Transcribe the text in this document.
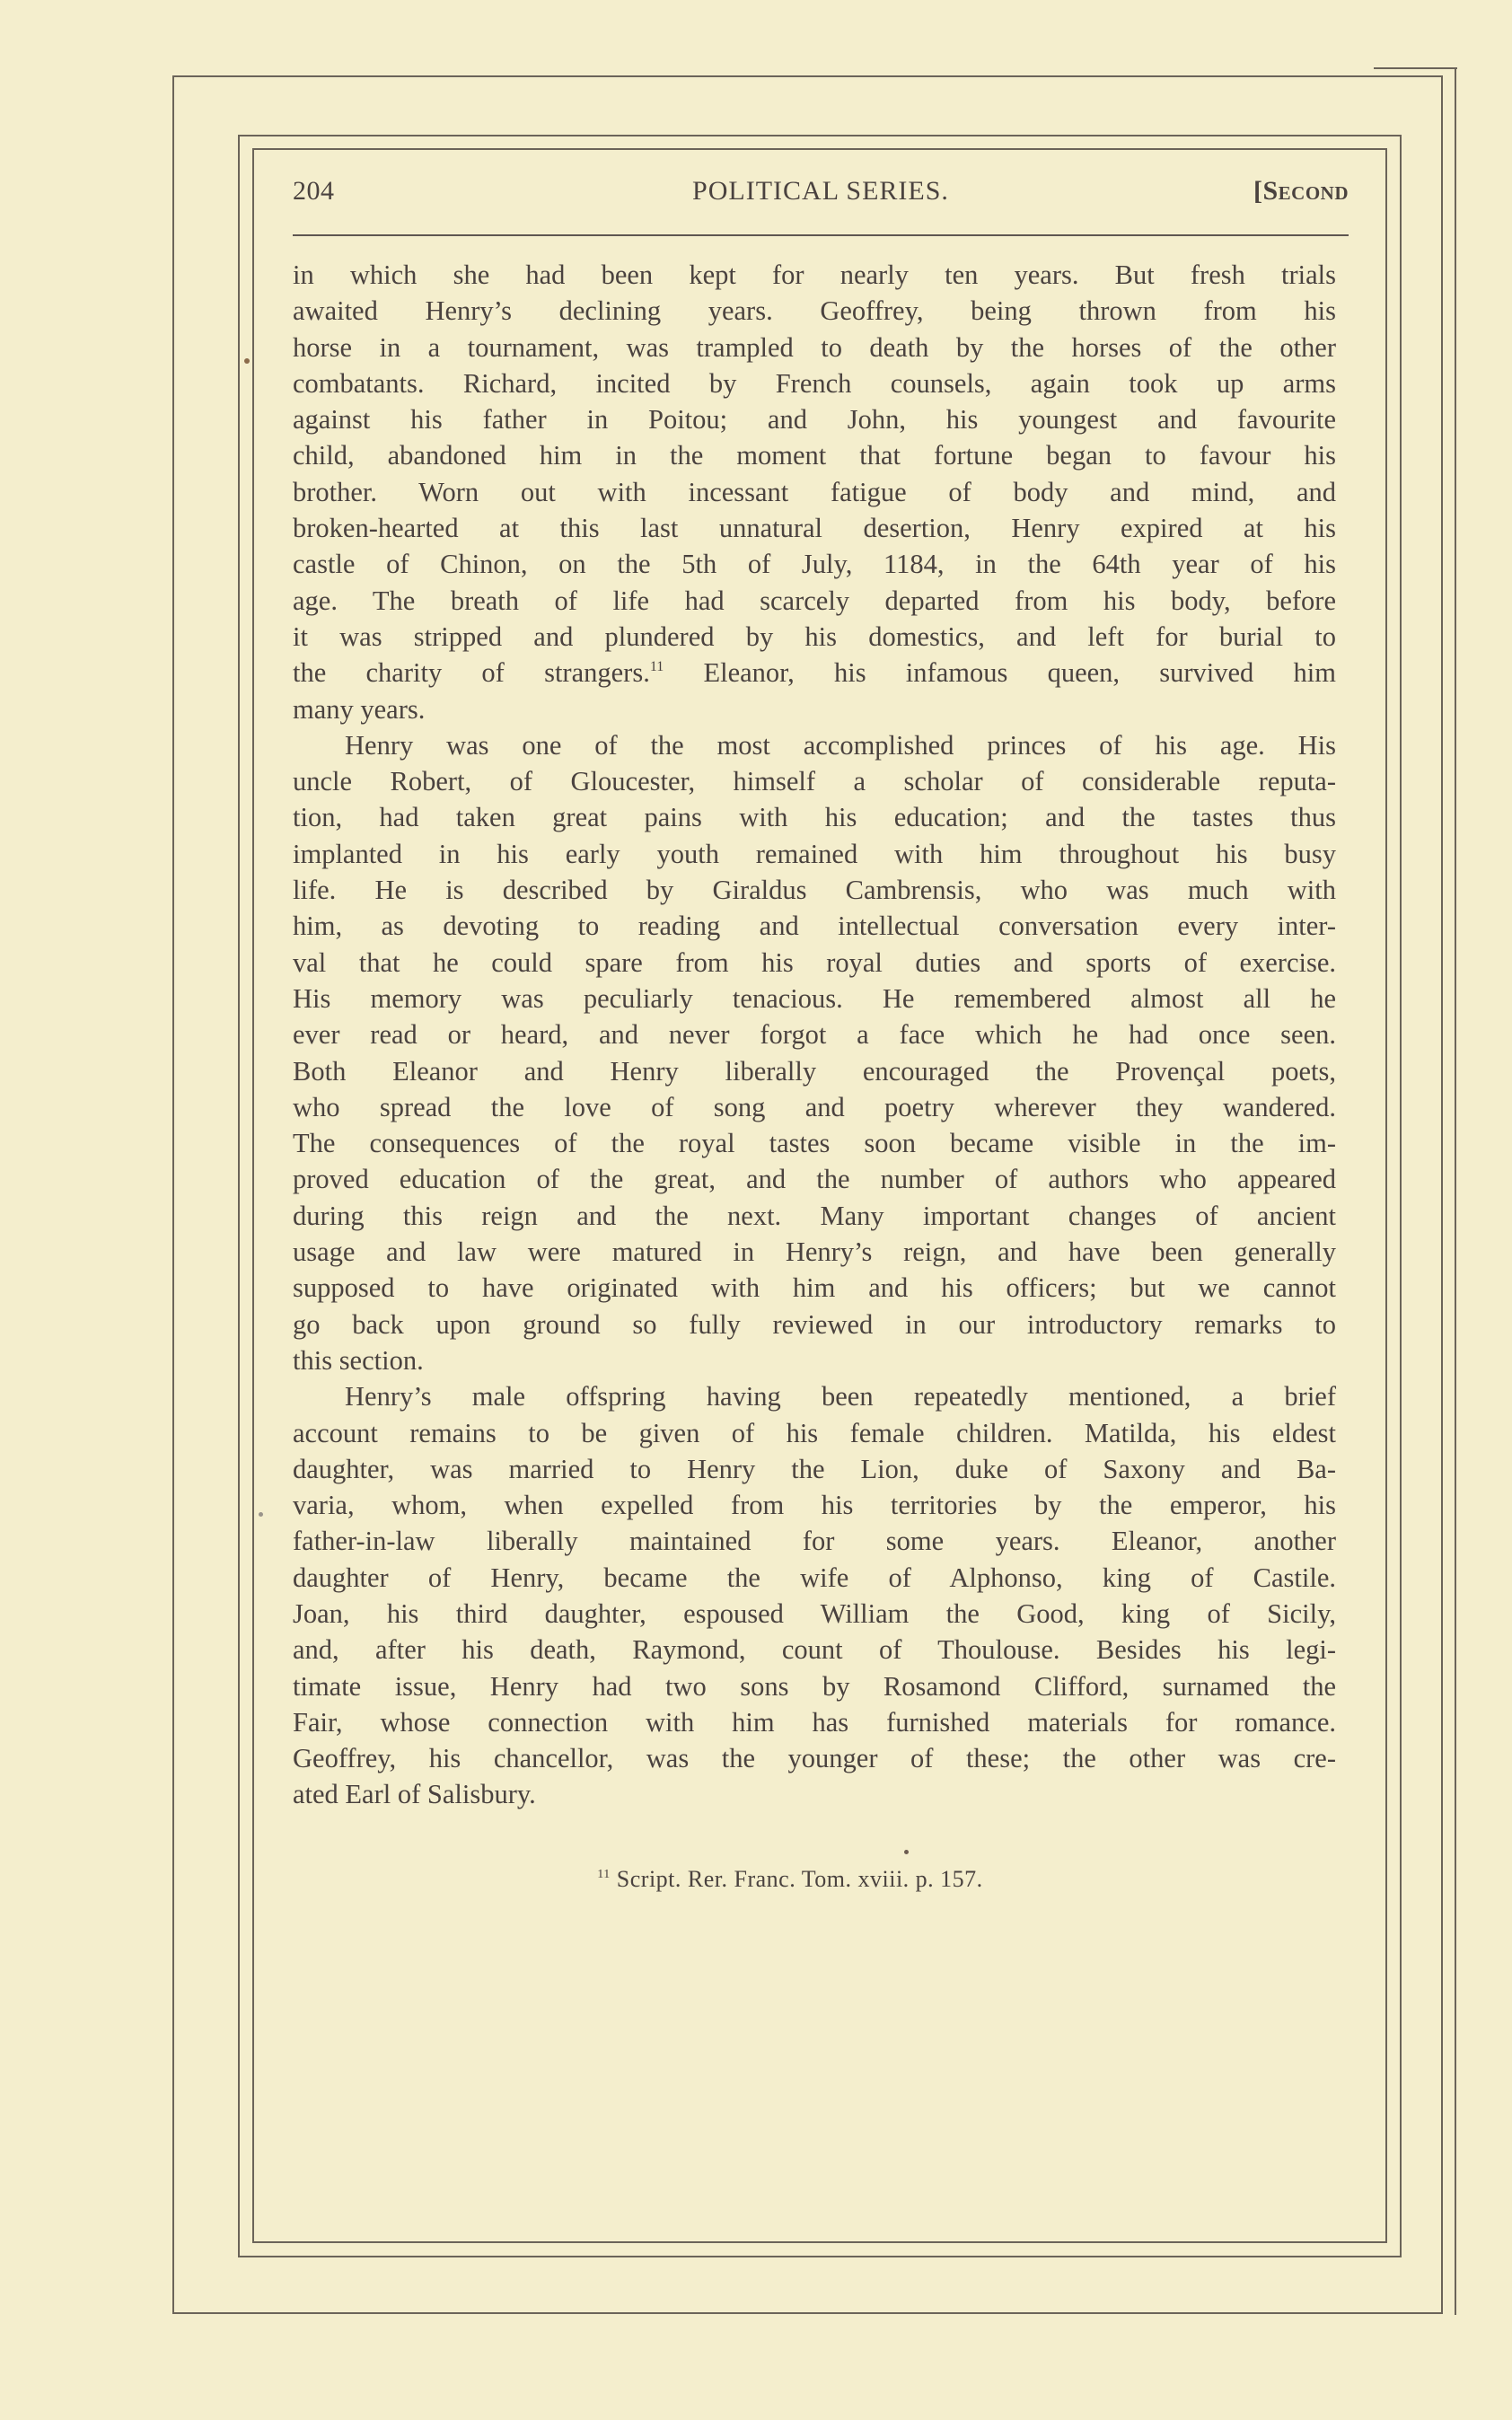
204	POLITICAL SERIES.	[Second
in which she had been kept for nearly ten years. But fresh trials
awaited Henry’s declining years. Geoffrey, being thrown from his
horse in a tournament, was trampled to death by the horses of the other
combatants. Richard, incited by French counsels, again took up arms
against his father in Poitou; and John, his youngest and favourite
child, abandoned him in the moment that fortune began to favour his
brother. Worn out with incessant fatigue of body and mind, and
broken-hearted at this last unnatural desertion, Henry expired at his
castle of Chinon, on the 5th of July, 1184, in the 64th year of his
age. The breath of life had scarcely departed from his body, before
it was stripped and plundered by his domestics, and left for burial to
the charity of strangers.$^{11}$ Eleanor, his infamous queen, survived him
many years.
Henry was one of the most accomplished princes of his age. His
uncle Robert, of Gloucester, himself a scholar of considerable reputa-
tion, had taken great pains with his education; and the tastes thus
implanted in his early youth remained with him throughout his busy
life. He is described by Giraldus Cambrensis, who was much with
him, as devoting to reading and intellectual conversation every inter-
val that he could spare from his royal duties and sports of exercise.
His memory was peculiarly tenacious. He remembered almost all he
ever read or heard, and never forgot a face which he had once seen.
Both Eleanor and Henry liberally encouraged the Provençal poets,
who spread the love of song and poetry wherever they wandered.
The consequences of the royal tastes soon became visible in the im-
proved education of the great, and the number of authors who appeared
during this reign and the next. Many important changes of ancient
usage and law were matured in Henry’s reign, and have been generally
supposed to have originated with him and his officers; but we cannot
go back upon ground so fully reviewed in our introductory remarks to
this section.
Henry’s male offspring having been repeatedly mentioned, a brief
account remains to be given of his female children. Matilda, his eldest
daughter, was married to Henry the Lion, duke of Saxony and Ba-
varia, whom, when expelled from his territories by the emperor, his
father-in-law liberally maintained for some years. Eleanor, another
daughter of Henry, became the wife of Alphonso, king of Castile.
Joan, his third daughter, espoused William the Good, king of Sicily,
and, after his death, Raymond, count of Thoulouse. Besides his legi-
timate issue, Henry had two sons by Rosamond Clifford, surnamed the
Fair, whose connection with him has furnished materials for romance.
Geoffrey, his chancellor, was the younger of these; the other was cre-
ated Earl of Salisbury.
$^{11}$ Script. Rer. Franc. Tom. xviii. p. 157.
